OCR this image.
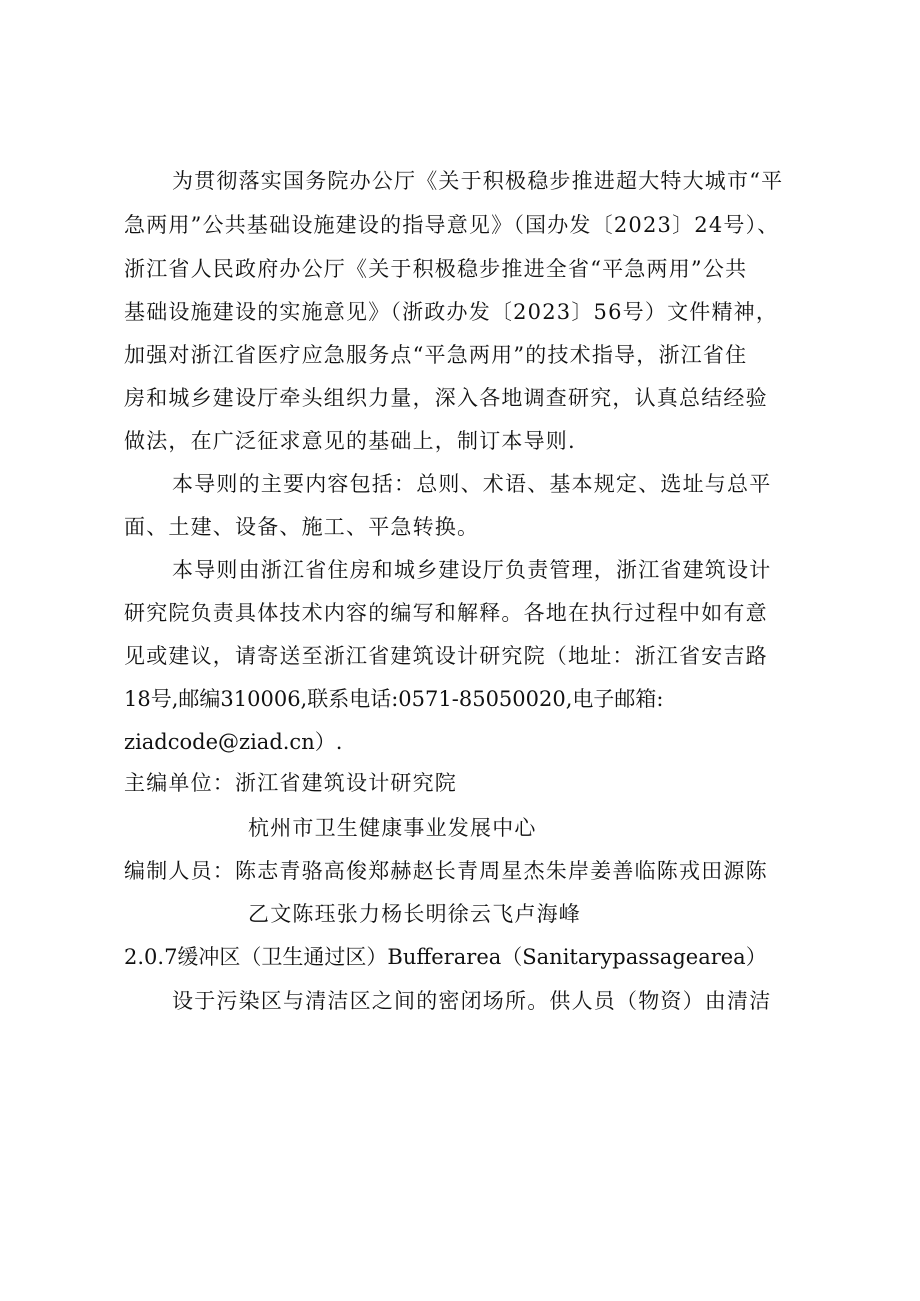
为贯彻落实国务院办公厅《关于积极稳步推进超大特大城市“平
急两用”公共基础设施建设的指导意见》（国办发〔2023〕24号）、
浙江省人民政府办公厅《关于积极稳步推进全省“平急两用”公共
基础设施建设的实施意见》（浙政办发〔2023〕56号）文件精神，
加强对浙江省医疗应急服务点“平急两用”的技术指导，浙江省住
房和城乡建设厅牵头组织力量，深入各地调查研究，认真总结经验
做法，在广泛征求意见的基础上，制订本导则.
本导则的主要内容包括：总则、术语、基本规定、选址与总平
面、土建、设备、施工、平急转换。
本导则由浙江省住房和城乡建设厅负责管理，浙江省建筑设计
研究院负责具体技术内容的编写和解释。各地在执行过程中如有意
见或建议，请寄送至浙江省建筑设计研究院（地址：浙江省安吉路
18号,邮编310006,联系电话:0571-85050020,电子邮箱:
ziadcode@ziad.cn）.
主编单位：浙江省建筑设计研究院
杭州市卫生健康事业发展中心
编制人员：陈志青骆高俊郑赫赵长青周星杰朱岸姜善临陈戎田源陈
乙文陈珏张力杨长明徐云飞卢海峰
2.0.7缓冲区（卫生通过区）Bufferarea（Sanitarypassagearea）
设于污染区与清洁区之间的密闭场所。供人员（物资）由清洁
